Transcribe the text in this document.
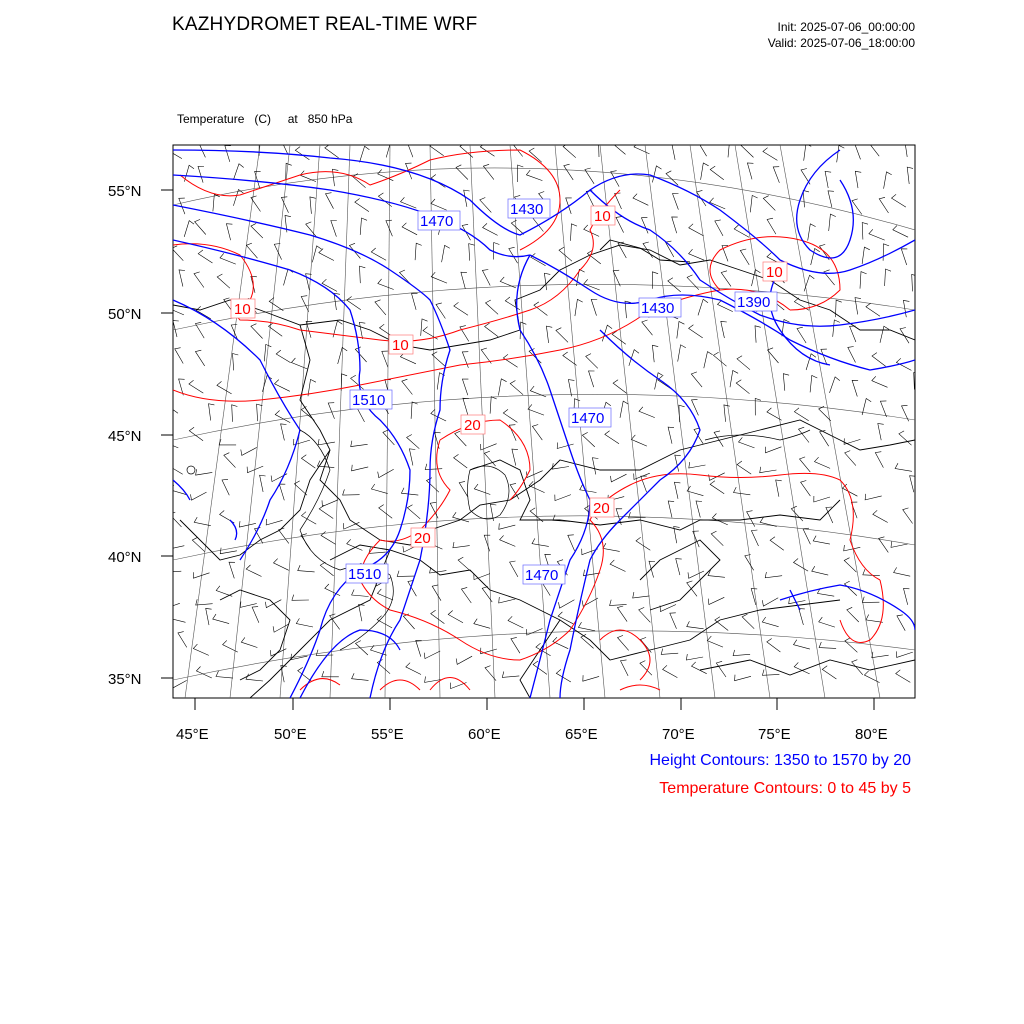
KAZHYDROMET REAL-TIME WRF	Init: 2025-07-06_00:00:00
Valid: 2025-07-06_18:00:00

Temperature   (C)     at   850 hPa

1470
1430
1430	1390
1510
1470
1510	1470
10
10
10
10
20
20
20
55°N
50°N
45°N
40°N
35°N
45°E	50°E	55°E	60°E	65°E	70°E	75°E	80°E
Height Contours: 1350 to 1570 by 20
Temperature Contours: 0 to 45 by 5
